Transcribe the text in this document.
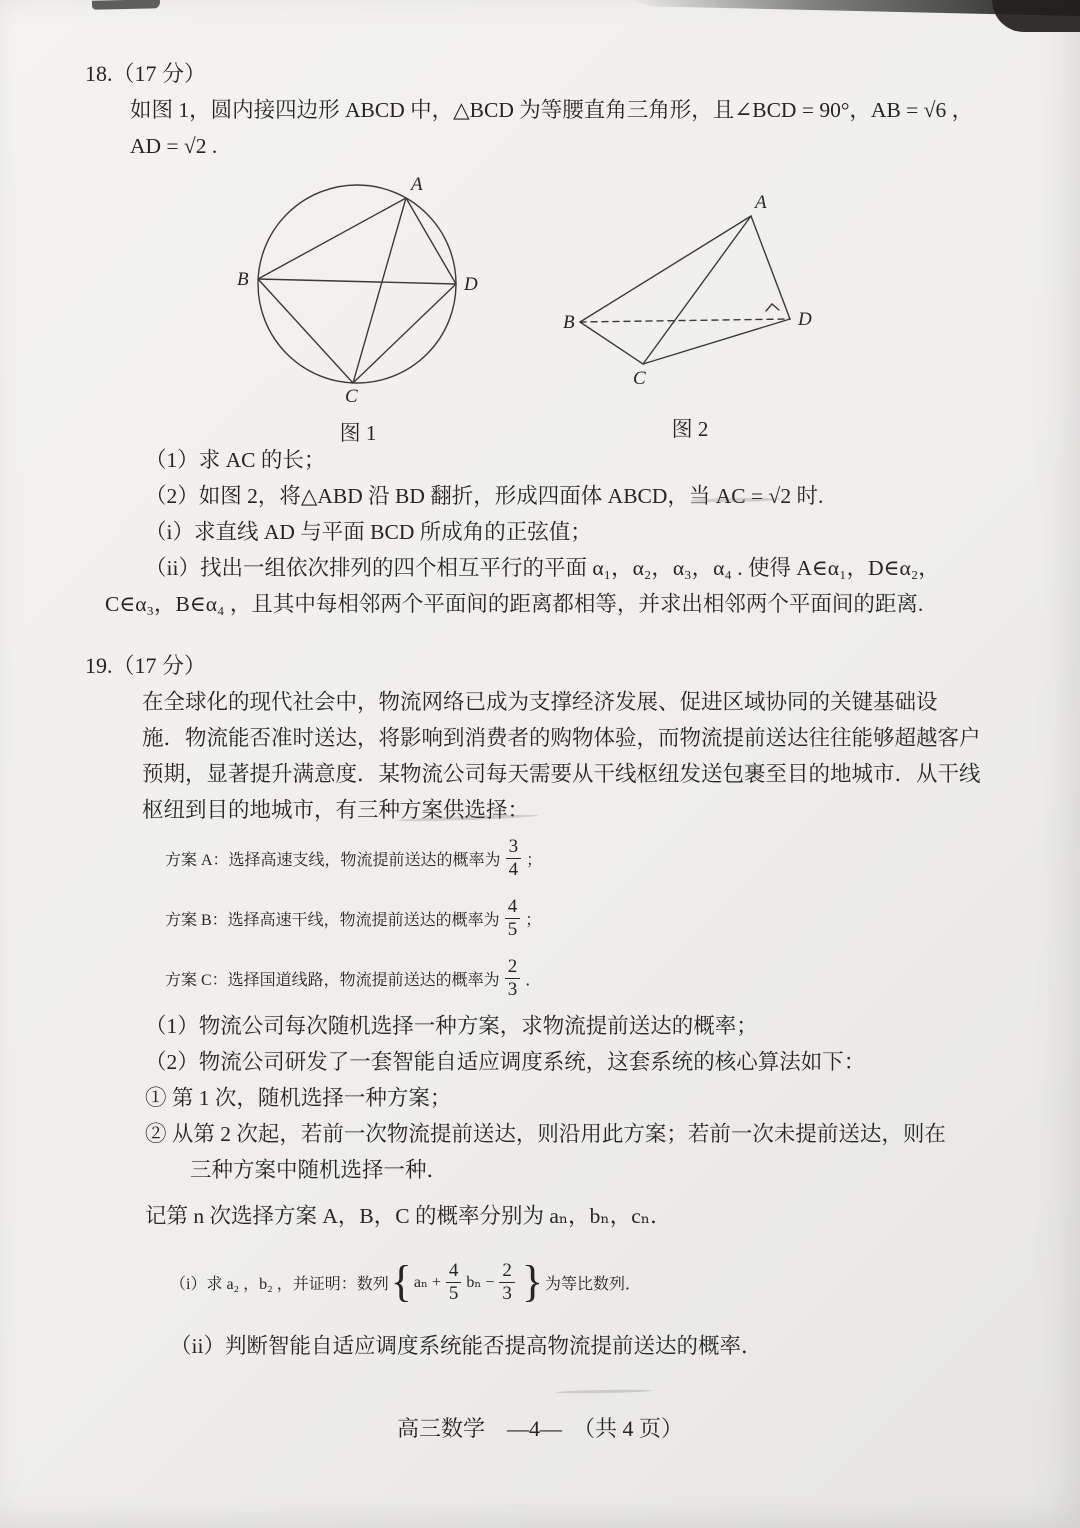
18.（17 分）

如图 1，圆内接四边形 ABCD 中，△BCD 为等腰直角三角形，且∠BCD = 90°，AB = √6 ，

AD = √2 .

A
B	D
C
图 1
A
B
C
D
图 2

（1）求 AC 的长；

（2）如图 2，将△ABD 沿 BD 翻折，形成四面体 ABCD，当 AC = √2 时.

（i）求直线 AD 与平面 BCD 所成角的正弦值；

（ii）找出一组依次排列的四个相互平行的平面 α₁，α₂，α₃，α₄ . 使得 A∈α₁，D∈α₂，

C∈α₃，B∈α₄ ，且其中每相邻两个平面间的距离都相等，并求出相邻两个平面间的距离.

19.（17 分）

在全球化的现代社会中，物流网络已成为支撑经济发展、促进区域协同的关键基础设

施．物流能否准时送达，将影响到消费者的购物体验，而物流提前送达往往能够超越客户

预期，显著提升满意度．某物流公司每天需要从干线枢纽发送包裹至目的地城市．从干线

枢纽到目的地城市，有三种方案供选择：

方案 A：选择高速支线，物流提前送达的概率为 $\frac{3}{4}$ ；
方案 B：选择高速干线，物流提前送达的概率为 $\frac{4}{5}$ ；
方案 C：选择国道线路，物流提前送达的概率为 $\frac{2}{3}$ ．

（1）物流公司每次随机选择一种方案，求物流提前送达的概率；

（2）物流公司研发了一套智能自适应调度系统，这套系统的核心算法如下：

① 第 1 次，随机选择一种方案；

② 从第 2 次起，若前一次物流提前送达，则沿用此方案；若前一次未提前送达，则在

三种方案中随机选择一种．

记第 n 次选择方案 A，B，C 的概率分别为 aₙ，bₙ，cₙ．

（i）求 a₂ ，b₂ ，并证明：数列 { $a_n + \frac{4}{5}$ $b_n - \frac{2}{3}$ } 为等比数列．

（ii）判断智能自适应调度系统能否提高物流提前送达的概率．

高三数学　—4—　（共 4 页）
